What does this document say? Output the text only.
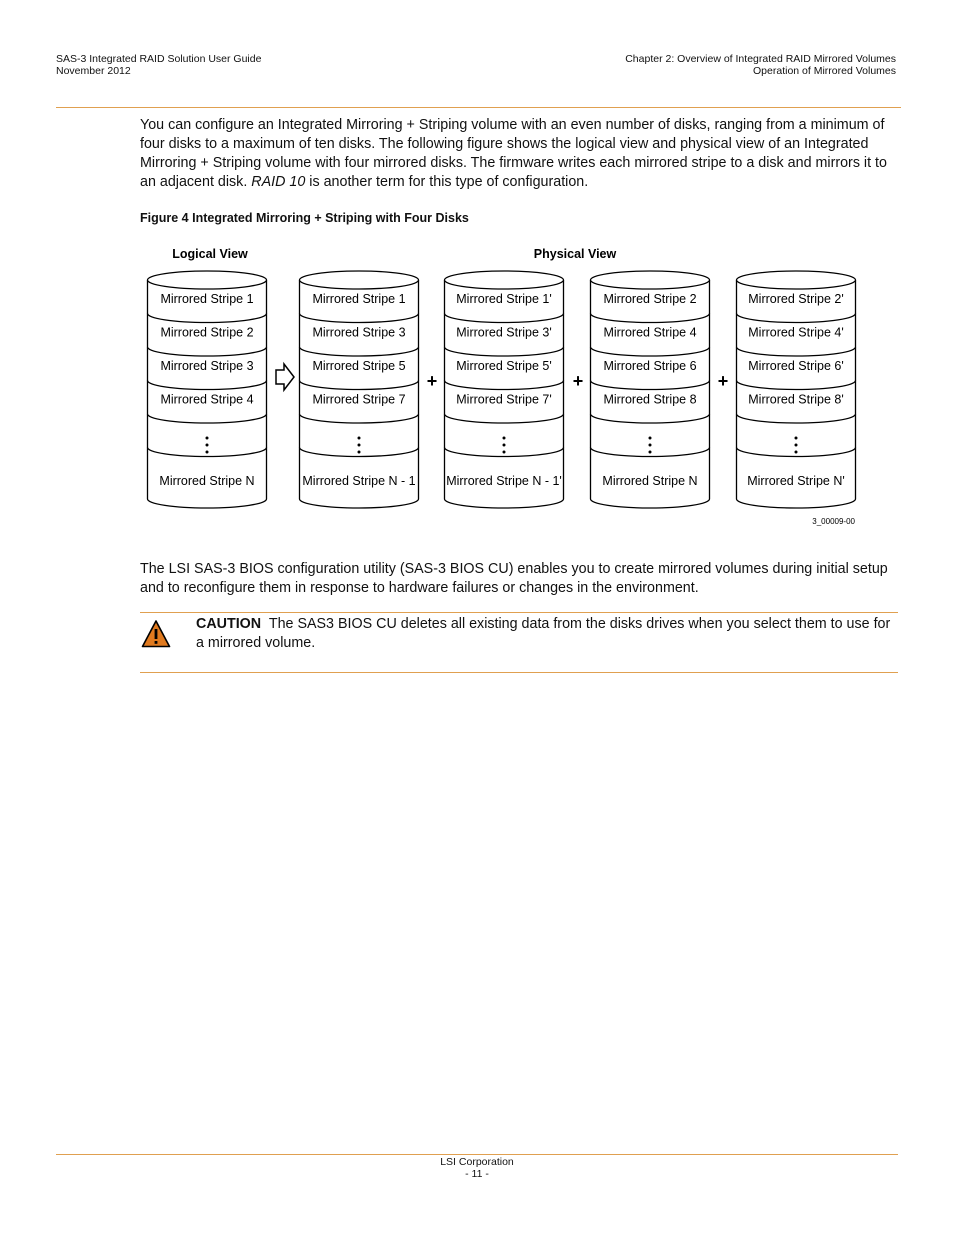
SAS-3 Integrated RAID Solution User Guide
November 2012
Chapter 2: Overview of Integrated RAID Mirrored Volumes
Operation of Mirrored Volumes

You can configure an Integrated Mirroring + Striping volume with an even number of disks, ranging from a minimum of four disks to a maximum of ten disks. The following figure shows the logical view and physical view of an Integrated Mirroring + Striping volume with four mirrored disks. The firmware writes each mirrored stripe to a disk and mirrors it to an adjacent disk. RAID 10 is another term for this type of configuration.

Figure 4 Integrated Mirroring + Striping with Four Disks
Logical View	Physical View
Mirrored Stripe 1
Mirrored Stripe 2
Mirrored Stripe 3
Mirrored Stripe 4
Mirrored Stripe N
Mirrored Stripe 1
Mirrored Stripe 3
Mirrored Stripe 5
Mirrored Stripe 7
Mirrored Stripe N - 1
Mirrored Stripe 1'
Mirrored Stripe 3'
Mirrored Stripe 5'
Mirrored Stripe 7'
Mirrored Stripe N - 1'
Mirrored Stripe 2
Mirrored Stripe 4
Mirrored Stripe 6
Mirrored Stripe 8
Mirrored Stripe N
Mirrored Stripe 2'
Mirrored Stripe 4'
Mirrored Stripe 6'
Mirrored Stripe 8'
Mirrored Stripe N'
+	+	+
3_00009-00

The LSI SAS-3 BIOS configuration utility (SAS-3 BIOS CU) enables you to create mirrored volumes during initial setup and to reconfigure them in response to hardware failures or changes in the environment.

CAUTION The SAS3 BIOS CU deletes all existing data from the disks drives when you select them to use for a mirrored volume.
LSI Corporation
- 11 -
